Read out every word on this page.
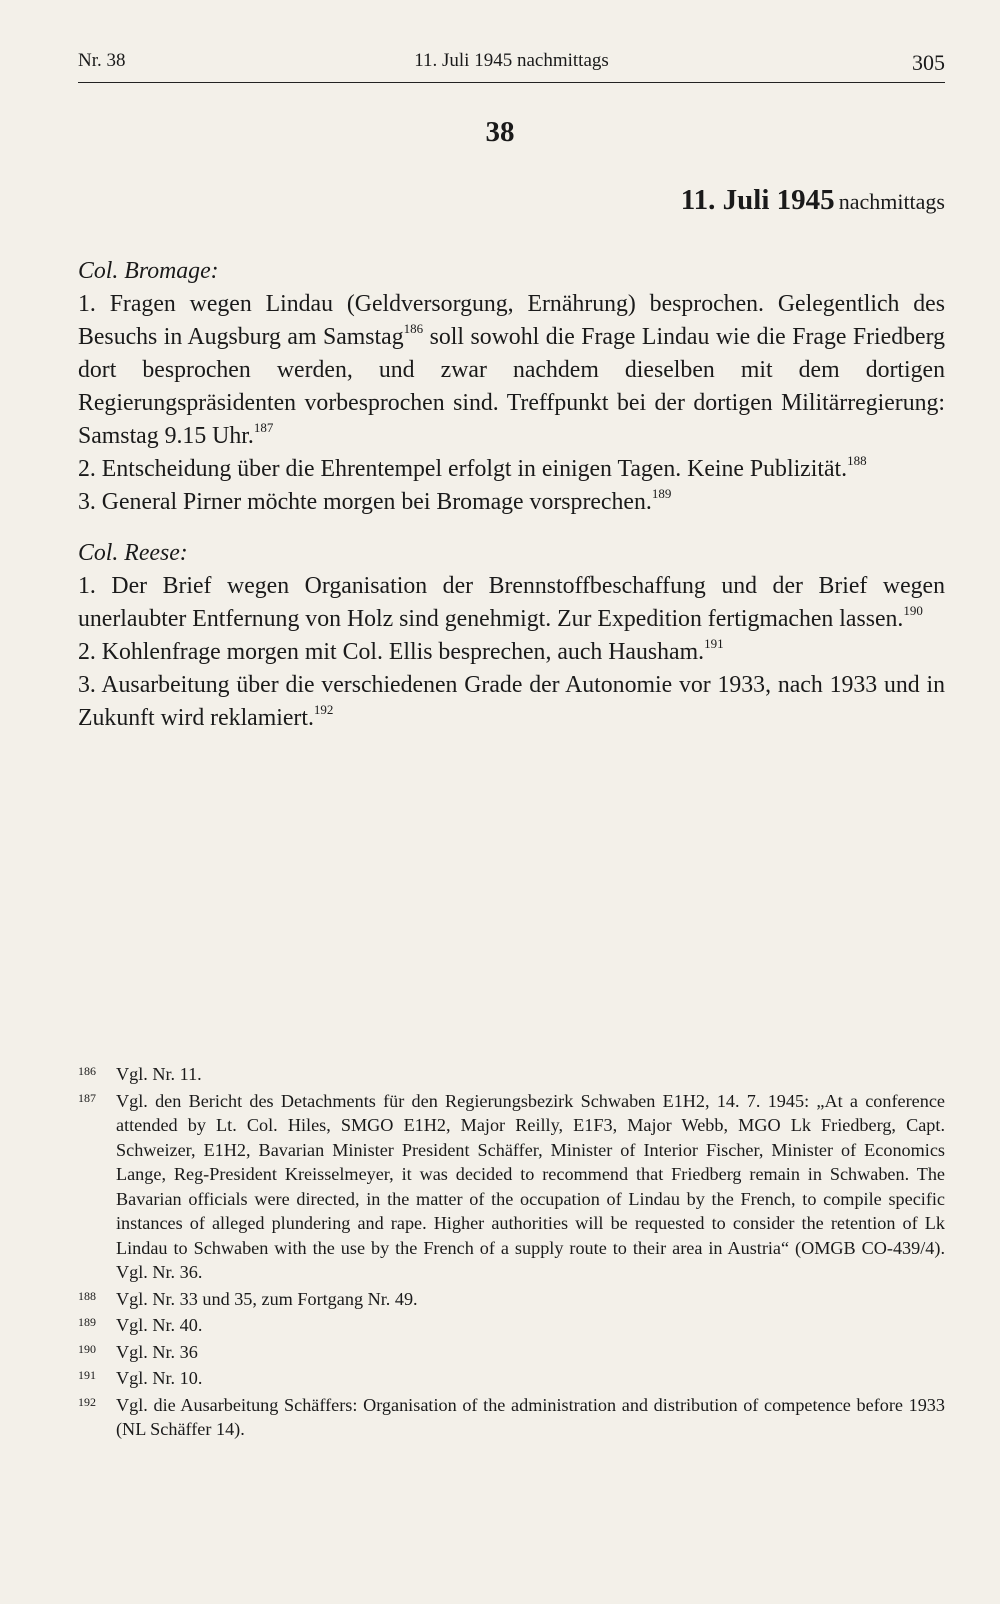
Nr. 38	11. Juli 1945 nachmittags	305
38
11. Juli 1945 nachmittags

Col. Bromage:

1. Fragen wegen Lindau (Geldversorgung, Ernährung) besprochen. Gelegentlich des Besuchs in Augsburg am Samstag$^{186}$ soll sowohl die Frage Lindau wie die Frage Friedberg dort besprochen werden, und zwar nachdem dieselben mit dem dortigen Regierungspräsidenten vorbesprochen sind. Treffpunkt bei der dortigen Militärregierung: Samstag 9.15 Uhr.$^{187}$

2. Entscheidung über die Ehrentempel erfolgt in einigen Tagen. Keine Publizität.$^{188}$

3. General Pirner möchte morgen bei Bromage vorsprechen.$^{189}$

Col. Reese:

1. Der Brief wegen Organisation der Brennstoffbeschaffung und der Brief wegen unerlaubter Entfernung von Holz sind genehmigt. Zur Expedition fertigmachen lassen.$^{190}$

2. Kohlenfrage morgen mit Col. Ellis besprechen, auch Hausham.$^{191}$

3. Ausarbeitung über die verschiedenen Grade der Autonomie vor 1933, nach 1933 und in Zukunft wird reklamiert.$^{192}$

186 Vgl. Nr. 11.

187 Vgl. den Bericht des Detachments für den Regierungsbezirk Schwaben E1H2, 14. 7. 1945: „At a conference attended by Lt. Col. Hiles, SMGO E1H2, Major Reilly, E1F3, Major Webb, MGO Lk Friedberg, Capt. Schweizer, E1H2, Bavarian Minister President Schäffer, Minister of Interior Fischer, Minister of Economics Lange, Reg-President Kreisselmeyer, it was decided to recommend that Friedberg remain in Schwaben. The Bavarian officials were directed, in the matter of the occupation of Lindau by the French, to compile specific instances of alleged plundering and rape. Higher authorities will be requested to consider the retention of Lk Lindau to Schwaben with the use by the French of a supply route to their area in Austria“ (OMGB CO-439/4). Vgl. Nr. 36.

188 Vgl. Nr. 33 und 35, zum Fortgang Nr. 49.

189 Vgl. Nr. 40.

190 Vgl. Nr. 36

191 Vgl. Nr. 10.

192 Vgl. die Ausarbeitung Schäffers: Organisation of the administration and distribution of competence before 1933 (NL Schäffer 14).
